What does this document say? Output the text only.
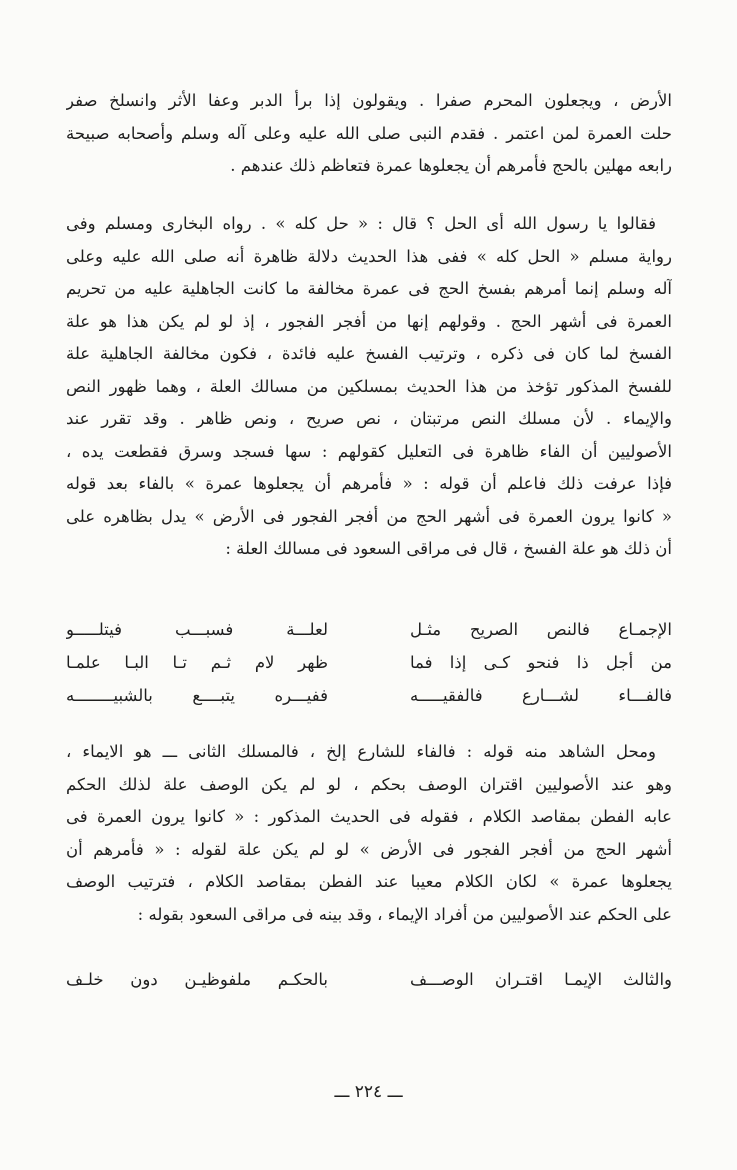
الأرض ، ويجعلون المحرم صفرا . ويقولون إذا برأ الدبر وعفا الأثر وانسلخ صفر
حلت العمرة لمن اعتمر . فقدم النبى صلى الله عليه وعلى آله وسلم وأصحابه صبيحة
رابعه مهلين بالحج فأمرهم أن يجعلوها عمرة فتعاظم ذلك عندهم .
فقالوا يا رسول الله أى الحل ؟ قال : « حل كله » . رواه البخارى ومسلم وفى
رواية مسلم « الحل كله » ففى هذا الحديث دلالة ظاهرة أنه صلى الله عليه وعلى
آله وسلم إنما أمرهم بفسخ الحج فى عمرة مخالفة ما كانت الجاهلية عليه من تحريم
العمرة فى أشهر الحج . وقولهم إنها من أفجر الفجور ، إذ لو لم يكن هذا هو علة
الفسخ لما كان فى ذكره ، وترتيب الفسخ عليه فائدة ، فكون مخالفة الجاهلية علة
للفسخ المذكور تؤخذ من هذا الحديث بمسلكين من مسالك العلة ، وهما ظهور النص
والإيماء . لأن مسلك النص مرتبتان ، نص صريح ، ونص ظاهر . وقد تقرر عند
الأصوليين أن الفاء ظاهرة فى التعليل كقولهم : سها فسجد وسرق فقطعت يده ،
فإذا عرفت ذلك فاعلم أن قوله : « فأمرهم أن يجعلوها عمرة » بالفاء بعد قوله
« كانوا يرون العمرة فى أشهر الحج من أفجر الفجور فى الأرض » يدل بظاهره على
أن ذلك هو علة الفسخ ، قال فى مراقى السعود فى مسالك العلة :
الإجمـاع فالنص الصريح مثـل
لعلـــة فسبـــب فيتلـــــو
من أجل ذا فنحو كـى إذا فما
ظهر لام ثـم تـا البـا علمـا
فالفـــاء لشـــارع فالفقيـــــه
ففيـــره يتبــــع بالشبيــــــــه
ومحل الشاهد منه قوله : فالفاء للشارع إلخ ، فالمسلك الثانى ـــ هو الايماء ،
وهو عند الأصوليين اقتران الوصف بحكم ، لو لم يكن الوصف علة لذلك الحكم
عابه الفطن بمقاصد الكلام ، فقوله فى الحديث المذكور : « كانوا يرون العمرة فى
أشهر الحج من أفجر الفجور فى الأرض » لو لم يكن علة لقوله : « فأمرهم أن
يجعلوها عمرة » لكان الكلام معيبا عند الفطن بمقاصد الكلام ، فترتيب الوصف
على الحكم عند الأصوليين من أفراد الإيماء ، وقد بينه فى مراقى السعود بقوله :
والثالث الإيمـا اقتـران الوصـــف
بالحكـم ملفوظيـن دون خلـف
ـــ ٢٢٤ ـــ
